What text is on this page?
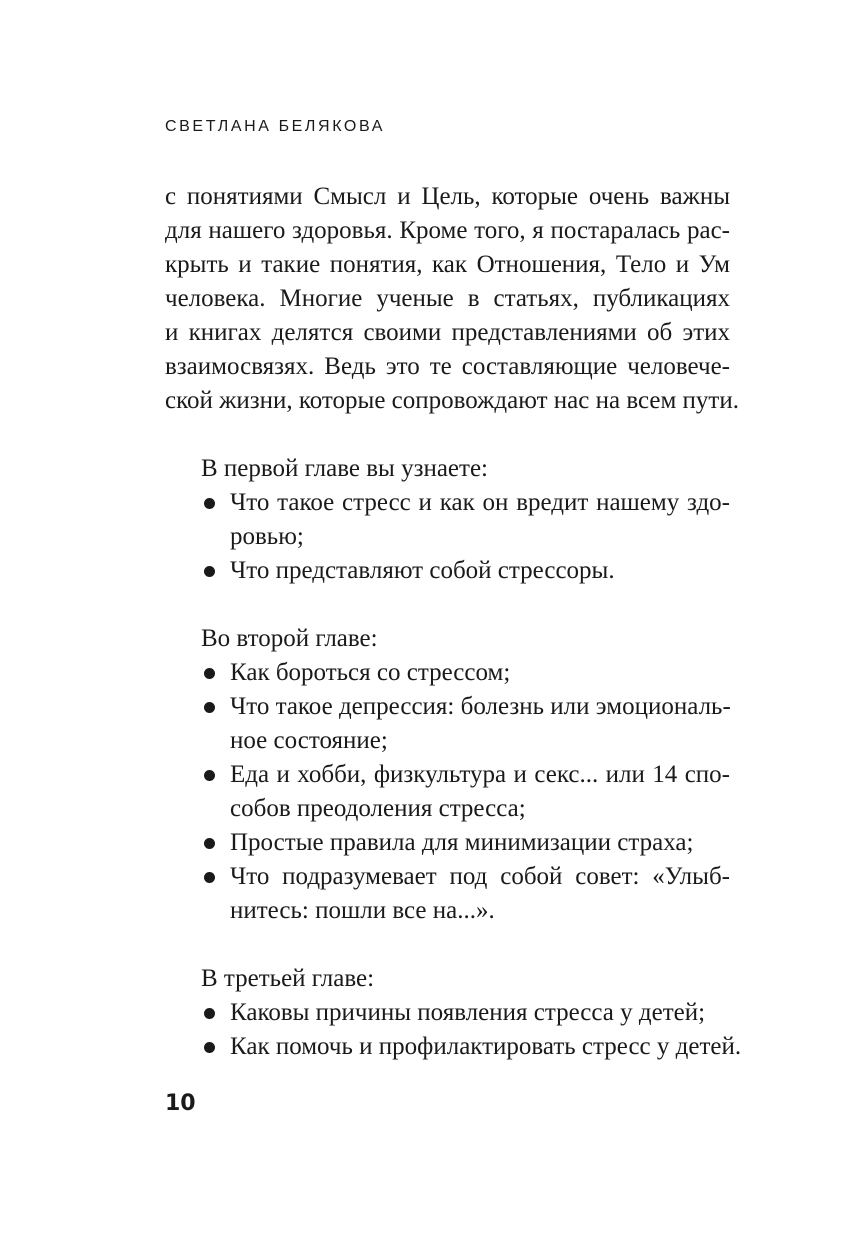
СВЕТЛАНА БЕЛЯКОВА
с понятиями Смысл и Цель, которые очень важны
для нашего здоровья. Кроме того, я постаралась рас-
крыть и такие понятия, как Отношения, Тело и Ум
человека. Многие ученые в статьях, публикациях
и книгах делятся своими представлениями об этих
взаимосвязях. Ведь это те составляющие человече-
ской жизни, которые сопровождают нас на всем пути.
В первой главе вы узнаете:
Что такое стресс и как он вредит нашему здо-
ровью;
Что представляют собой стрессоры.
Во второй главе:
Как бороться со стрессом;
Что такое депрессия: болезнь или эмоциональ-
ное состояние;
Еда и хобби, физкультура и секс... или 14 спо-
собов преодоления стресса;
Простые правила для минимизации страха;
Что подразумевает под собой совет: «Улыб-
нитесь: пошли все на...».
В третьей главе:
Каковы причины появления стресса у детей;
Как помочь и профилактировать стресс у детей.
10
